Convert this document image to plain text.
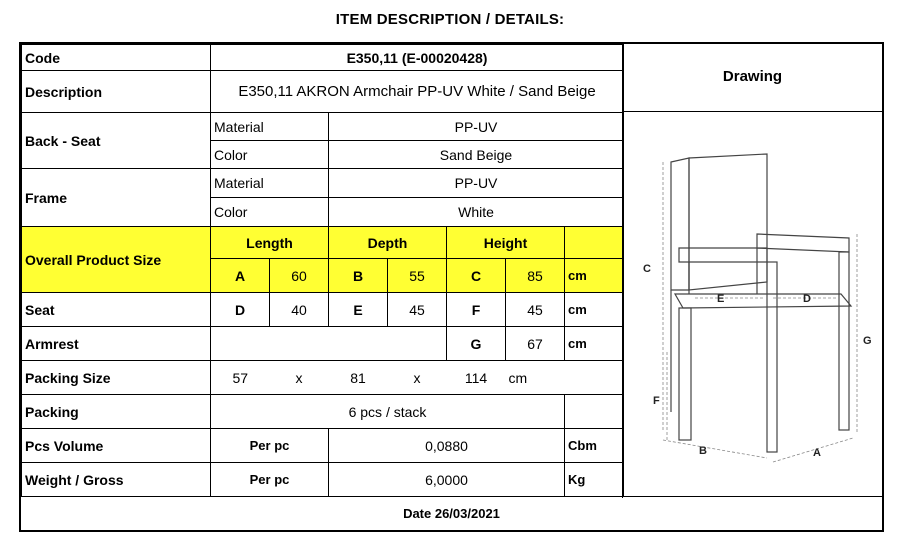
ITEM DESCRIPTION / DETAILS:
Code	E350,11 (E-00020428)						
Description	E350,11 AKRON Armchair PP-UV White / Sand Beige						
Back - Seat	Material		PP-UV				
	Color		Sand Beige				
Frame	Material		PP-UV				
	Color		White				
Overall Product Size	Length		Depth		Height		
	A	60	B	55	C	85	cm
Seat	D	40	E	45	F	45	cm
Armrest					G	67	cm
Packing Size	57	x	81	x	114	cm	
Packing	6 pcs / stack						
Pcs Volume	Per pc		0,0880				Cbm
Weight / Gross	Per pc		6,0000				Kg
Drawing
C
G
F
B	A
E	D
Date 26/03/2021
